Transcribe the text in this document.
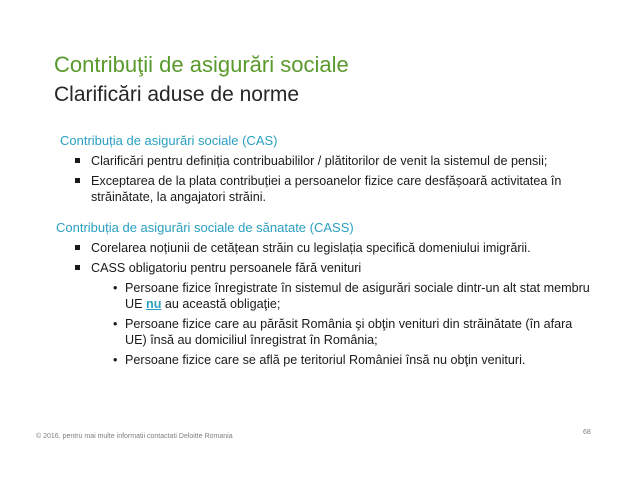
Contribuţii de asigurări sociale
Clarificări aduse de norme
Contribuția de asigurări sociale (CAS)
Clarificări pentru definiția contribuabililor / plătitorilor de venit la sistemul de pensii;
Exceptarea de la plata contribuției a persoanelor fizice care desfășoară activitatea în străinătate, la angajatori străini.
Contribuția de asigurări sociale de sănatate (CASS)
Corelarea noțiunii de cetățean străin cu legislația specifică domeniului imigrării.
CASS obligatoriu pentru persoanele fără venituri
• Persoane fizice înregistrate în sistemul de asigurări sociale dintr-un alt stat membru UE nu au această obligaţie;
• Persoane fizice care au părăsit România şi obţin venituri din străinătate (în afara UE) însă au domiciliul înregistrat în România;
• Persoane fizice care se află pe teritoriul României însă nu obţin venituri.
© 2016. pentru mai multe informatii contactati Deloitte Romania
68
